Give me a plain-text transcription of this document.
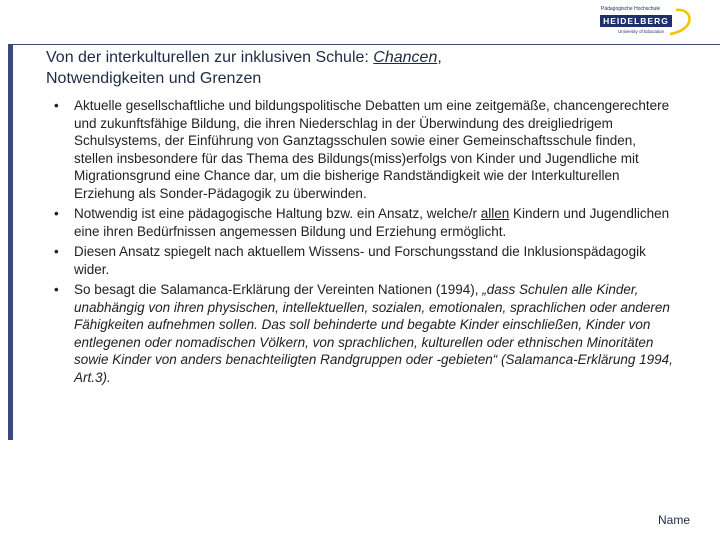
Pädagogische Hochschule
HEIDELBERG
University of Education
Von der interkulturellen zur inklusiven Schule: Chancen,
Notwendigkeiten und Grenzen
• Aktuelle gesellschaftliche und bildungspolitische Debatten um eine zeitgemäße, chancengerechtere und zukunftsfähige Bildung, die ihren Niederschlag in der Überwindung des dreigliedrigem Schulsystems, der Einführung von Ganztagsschulen sowie einer Gemeinschaftsschule finden, stellen insbesondere für das Thema des Bildungs(miss)erfolgs von Kinder und Jugendliche mit Migrationsgrund eine Chance dar, um die bisherige Randständigkeit wie der Interkulturellen Erziehung als Sonder-Pädagogik zu überwinden.
• Notwendig ist eine pädagogische Haltung bzw. ein Ansatz, welche/r allen Kindern und Jugendlichen eine ihren Bedürfnissen angemessen Bildung und Erziehung ermöglicht.
• Diesen Ansatz spiegelt nach aktuellem Wissens- und Forschungsstand die Inklusionspädagogik wider.
• So besagt die Salamanca-Erklärung der Vereinten Nationen (1994), „dass Schulen alle Kinder, unabhängig von ihren physischen, intellektuellen, sozialen, emotionalen, sprachlichen oder anderen Fähigkeiten aufnehmen sollen. Das soll behinderte und begabte Kinder einschließen, Kinder von entlegenen oder nomadischen Völkern, von sprachlichen, kulturellen oder ethnischen Minoritäten sowie Kinder von anders benachteiligten Randgruppen oder -gebieten“ (Salamanca-Erklärung 1994, Art.3).
Name
